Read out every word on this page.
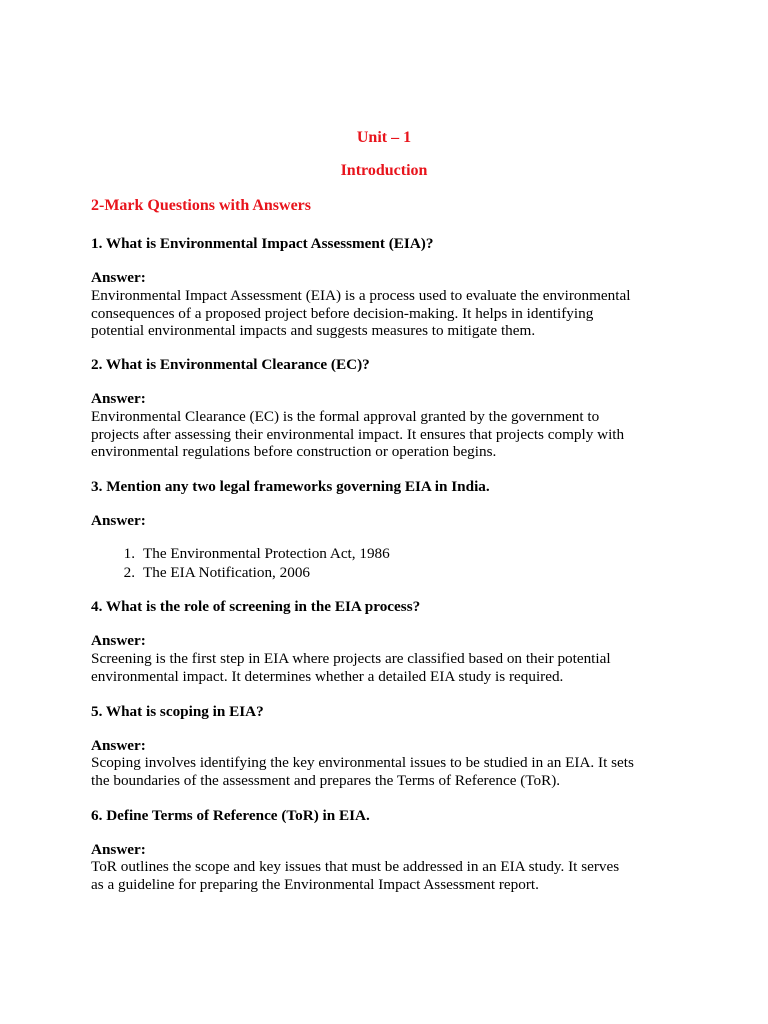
Unit – 1
Introduction
2-Mark Questions with Answers
1. What is Environmental Impact Assessment (EIA)?
Answer:
Environmental Impact Assessment (EIA) is a process used to evaluate the environmental
consequences of a proposed project before decision-making. It helps in identifying
potential environmental impacts and suggests measures to mitigate them.
2. What is Environmental Clearance (EC)?
Answer:
Environmental Clearance (EC) is the formal approval granted by the government to
projects after assessing their environmental impact. It ensures that projects comply with
environmental regulations before construction or operation begins.
3. Mention any two legal frameworks governing EIA in India.
Answer:
1. The Environmental Protection Act, 1986
2. The EIA Notification, 2006
4. What is the role of screening in the EIA process?
Answer:
Screening is the first step in EIA where projects are classified based on their potential
environmental impact. It determines whether a detailed EIA study is required.
5. What is scoping in EIA?
Answer:
Scoping involves identifying the key environmental issues to be studied in an EIA. It sets
the boundaries of the assessment and prepares the Terms of Reference (ToR).
6. Define Terms of Reference (ToR) in EIA.
Answer:
ToR outlines the scope and key issues that must be addressed in an EIA study. It serves
as a guideline for preparing the Environmental Impact Assessment report.
